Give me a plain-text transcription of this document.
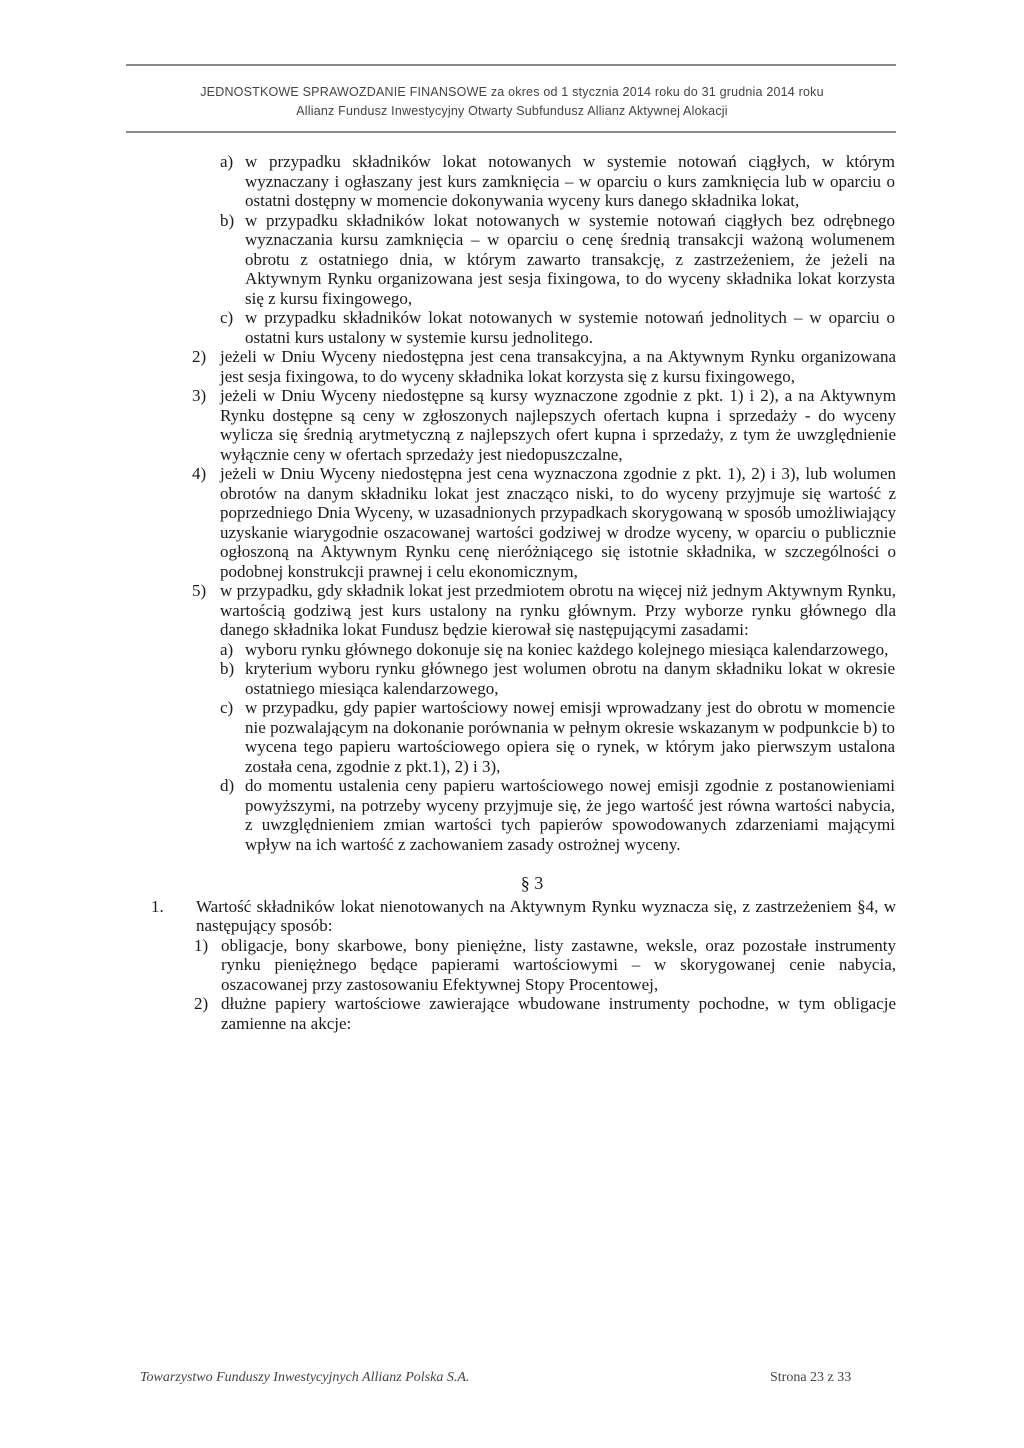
JEDNOSTKOWE SPRAWOZDANIE FINANSOWE za okres od 1 stycznia 2014 roku do 31 grudnia 2014 roku
Allianz Fundusz Inwestycyjny Otwarty Subfundusz Allianz Aktywnej Alokacji
a) w przypadku składników lokat notowanych w systemie notowań ciągłych, w którym wyznaczany i ogłaszany jest kurs zamknięcia – w oparciu o kurs zamknięcia lub w oparciu o ostatni dostępny w momencie dokonywania wyceny kurs danego składnika lokat,
b) w przypadku składników lokat notowanych w systemie notowań ciągłych bez odrębnego wyznaczania kursu zamknięcia – w oparciu o cenę średnią transakcji ważoną wolumenem obrotu z ostatniego dnia, w którym zawarto transakcję, z zastrzeżeniem, że jeżeli na Aktywnym Rynku organizowana jest sesja fixingowa, to do wyceny składnika lokat korzysta się z kursu fixingowego,
c) w przypadku składników lokat notowanych w systemie notowań jednolitych – w oparciu o ostatni kurs ustalony w systemie kursu jednolitego.
2) jeżeli w Dniu Wyceny niedostępna jest cena transakcyjna, a na Aktywnym Rynku organizowana jest sesja fixingowa, to do wyceny składnika lokat korzysta się z kursu fixingowego,
3) jeżeli w Dniu Wyceny niedostępne są kursy wyznaczone zgodnie z pkt. 1) i 2), a na Aktywnym Rynku dostępne są ceny w zgłoszonych najlepszych ofertach kupna i sprzedaży - do wyceny wylicza się średnią arytmetyczną z najlepszych ofert kupna i sprzedaży, z tym że uwzględnienie wyłącznie ceny w ofertach sprzedaży jest niedopuszczalne,
4) jeżeli w Dniu Wyceny niedostępna jest cena wyznaczona zgodnie z pkt. 1), 2) i 3), lub wolumen obrotów na danym składniku lokat jest znacząco niski, to do wyceny przyjmuje się wartość z poprzedniego Dnia Wyceny, w uzasadnionych przypadkach skorygowaną w sposób umożliwiający uzyskanie wiarygodnie oszacowanej wartości godziwej w drodze wyceny, w oparciu o publicznie ogłoszoną na Aktywnym Rynku cenę nieróżniącego się istotnie składnika, w szczególności o podobnej konstrukcji prawnej i celu ekonomicznym,
5) w przypadku, gdy składnik lokat jest przedmiotem obrotu na więcej niż jednym Aktywnym Rynku, wartością godziwą jest kurs ustalony na rynku głównym. Przy wyborze rynku głównego dla danego składnika lokat Fundusz będzie kierował się następującymi zasadami:
a) wyboru rynku głównego dokonuje się na koniec każdego kolejnego miesiąca kalendarzowego,
b) kryterium wyboru rynku głównego jest wolumen obrotu na danym składniku lokat w okresie ostatniego miesiąca kalendarzowego,
c) w przypadku, gdy papier wartościowy nowej emisji wprowadzany jest do obrotu w momencie nie pozwalającym na dokonanie porównania w pełnym okresie wskazanym w podpunkcie b) to wycena tego papieru wartościowego opiera się o rynek, w którym jako pierwszym ustalona została cena, zgodnie z pkt.1), 2) i 3),
d) do momentu ustalenia ceny papieru wartościowego nowej emisji zgodnie z postanowieniami powyższymi, na potrzeby wyceny przyjmuje się, że jego wartość jest równa wartości nabycia, z uwzględnieniem zmian wartości tych papierów spowodowanych zdarzeniami mającymi wpływ na ich wartość z zachowaniem zasady ostrożnej wyceny.
§ 3
1. Wartość składników lokat nienotowanych na Aktywnym Rynku wyznacza się, z zastrzeżeniem §4, w następujący sposób:
1) obligacje, bony skarbowe, bony pieniężne, listy zastawne, weksle, oraz pozostałe instrumenty rynku pieniężnego będące papierami wartościowymi – w skorygowanej cenie nabycia, oszacowanej przy zastosowaniu Efektywnej Stopy Procentowej,
2) dłużne papiery wartościowe zawierające wbudowane instrumenty pochodne, w tym obligacje zamienne na akcje:
Towarzystwo Funduszy Inwestycyjnych Allianz Polska S.A.	Strona 23 z 33
